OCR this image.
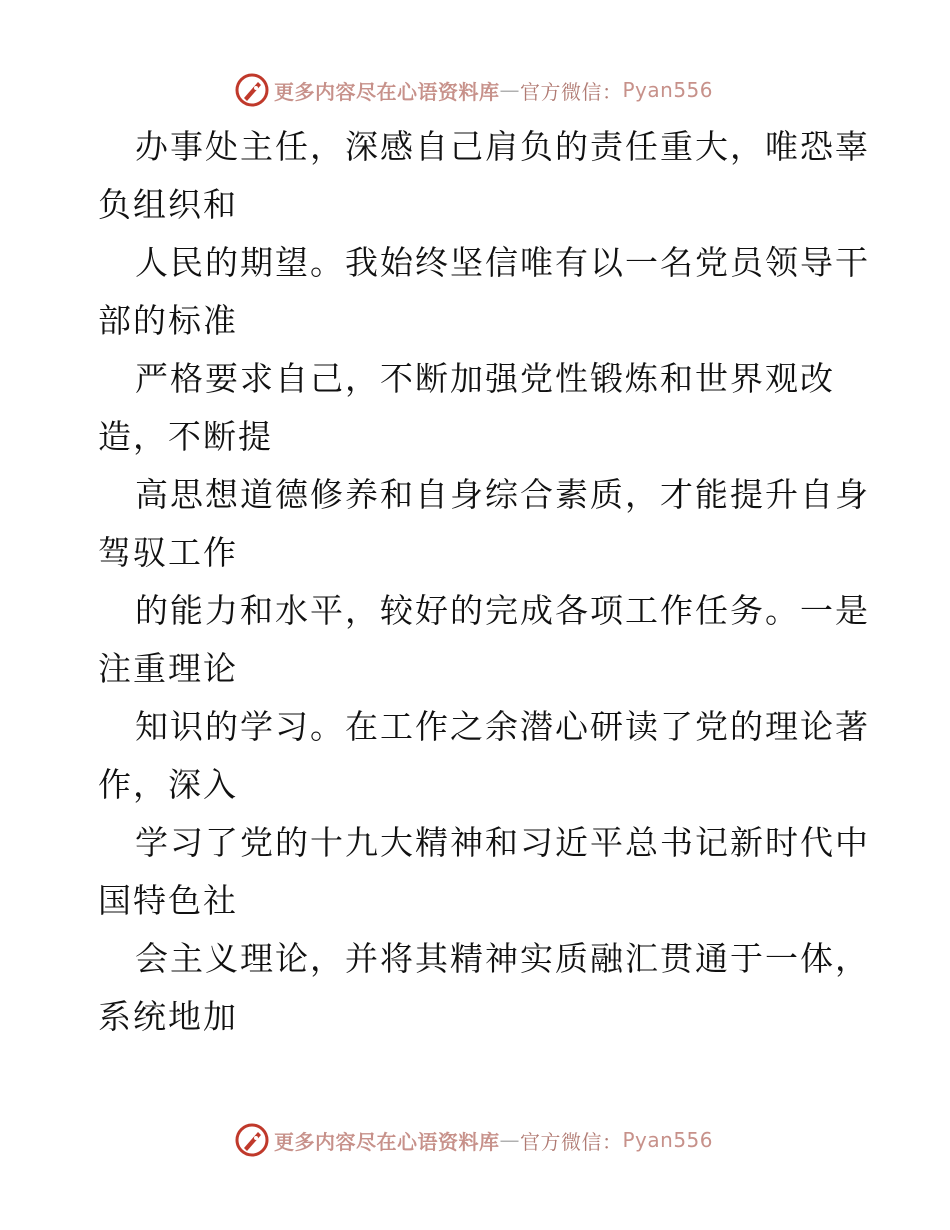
更多内容尽在心语资料库 — 官方微信： Pyan556
办事处主任，深感自己肩负的责任重大，唯恐辜
负组织和
人民的期望。我始终坚信唯有以一名党员领导干
部的标准
严格要求自己，不断加强党性锻炼和世界观改
造，不断提
高思想道德修养和自身综合素质，才能提升自身
驾驭工作
的能力和水平，较好的完成各项工作任务。一是
注重理论
知识的学习。在工作之余潜心研读了党的理论著
作，深入
学习了党的十九大精神和习近平总书记新时代中
国特色社
会主义理论，并将其精神实质融汇贯通于一体，
系统地加
更多内容尽在心语资料库 — 官方微信： Pyan556
